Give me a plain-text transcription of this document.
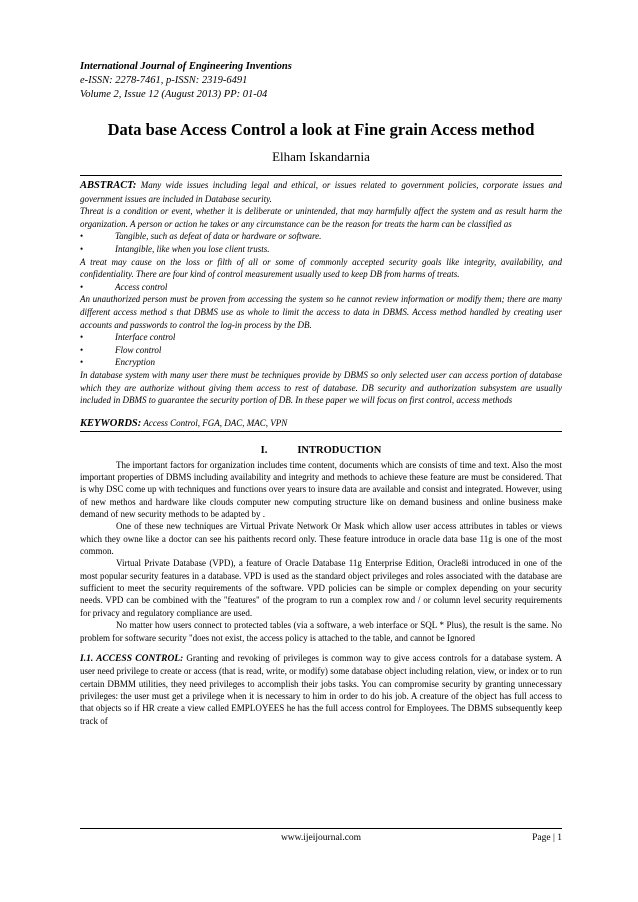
International Journal of Engineering Inventions
e-ISSN: 2278-7461, p-ISSN: 2319-6491
Volume 2, Issue 12 (August 2013) PP: 01-04
Data base Access Control a look at Fine grain Access method
Elham Iskandarnia

ABSTRACT: Many wide issues including legal and ethical, or issues related to government policies, corporate issues and government issues are included in Database security.

Threat is a condition or event, whether it is deliberate or unintended, that may harmfully affect the system and as result harm the organization. A person or action he takes or any circumstance can be the reason for treats the harm can be classified as

•	Tangible, such as defeat of data or hardware or software.
•	Intangible, like when you lose client trusts.

A treat may cause on the loss or filth of all or some of commonly accepted security goals like integrity, availability, and confidentiality. There are four kind of control measurement usually used to keep DB from harms of treats.

•	Access control

An unauthorized person must be proven from accessing the system so he cannot review information or modify them; there are many different access method s that DBMS use as whole to limit the access to data in DBMS. Access method handled by creating user accounts and passwords to control the log-in process by the DB.

•	Interface control
•	Flow control
•	Encryption

In database system with many user there must be techniques provide by DBMS so only selected user can access portion of database which they are authorize without giving them access to rest of database. DB security and authorization subsystem are usually included in DBMS to guarantee the security portion of DB. In these paper we will focus on first control, access methods

KEYWORDS: Access Control, FGA, DAC, MAC, VPN
I.	INTRODUCTION

The important factors for organization includes time content, documents which are consists of time and text. Also the most important properties of DBMS including availability and integrity and methods to achieve these feature are must be considered. That is why DSC come up with techniques and functions over years to insure data are available and consist and integrated. However, using of new methos and hardware like clouds computer new computing structure like on demand business and online business make demand of new security methods to be adapted by .

One of these new techniques are Virtual Private Network Or Mask which allow user access attributes in tables or views which they owne like a doctor can see his paithents record only. These feature introduce in oracle data base 11g is one of the most common.

Virtual Private Database (VPD), a feature of Oracle Database 11g Enterprise Edition, Oracle8i introduced in one of the most popular security features in a database. VPD is used as the standard object privileges and roles associated with the database are sufficient to meet the security requirements of the software. VPD policies can be simple or complex depending on your security needs. VPD can be combined with the "features" of the program to run a complex row and / or column level security requirements for privacy and regulatory compliance are used.

No matter how users connect to protected tables (via a software, a web interface or SQL * Plus), the result is the same. No problem for software security "does not exist, the access policy is attached to the table, and cannot be Ignored

I.1. ACCESS CONTROL: Granting and revoking of privileges is common way to give access controls for a database system. A user need privilege to create or access (that is read, write, or modify) some database object including relation, view, or index or to run certain DBMM utilities, they need privileges to accomplish their jobs tasks. You can compromise security by granting unnecessary privileges: the user must get a privilege when it is necessary to him in order to do his job. A creature of the object has full access to that objects so if HR create a view called EMPLOYEES he has the full access control for Employees. The DBMS subsequently keep track of
www.ijeijournal.com	Page | 1
